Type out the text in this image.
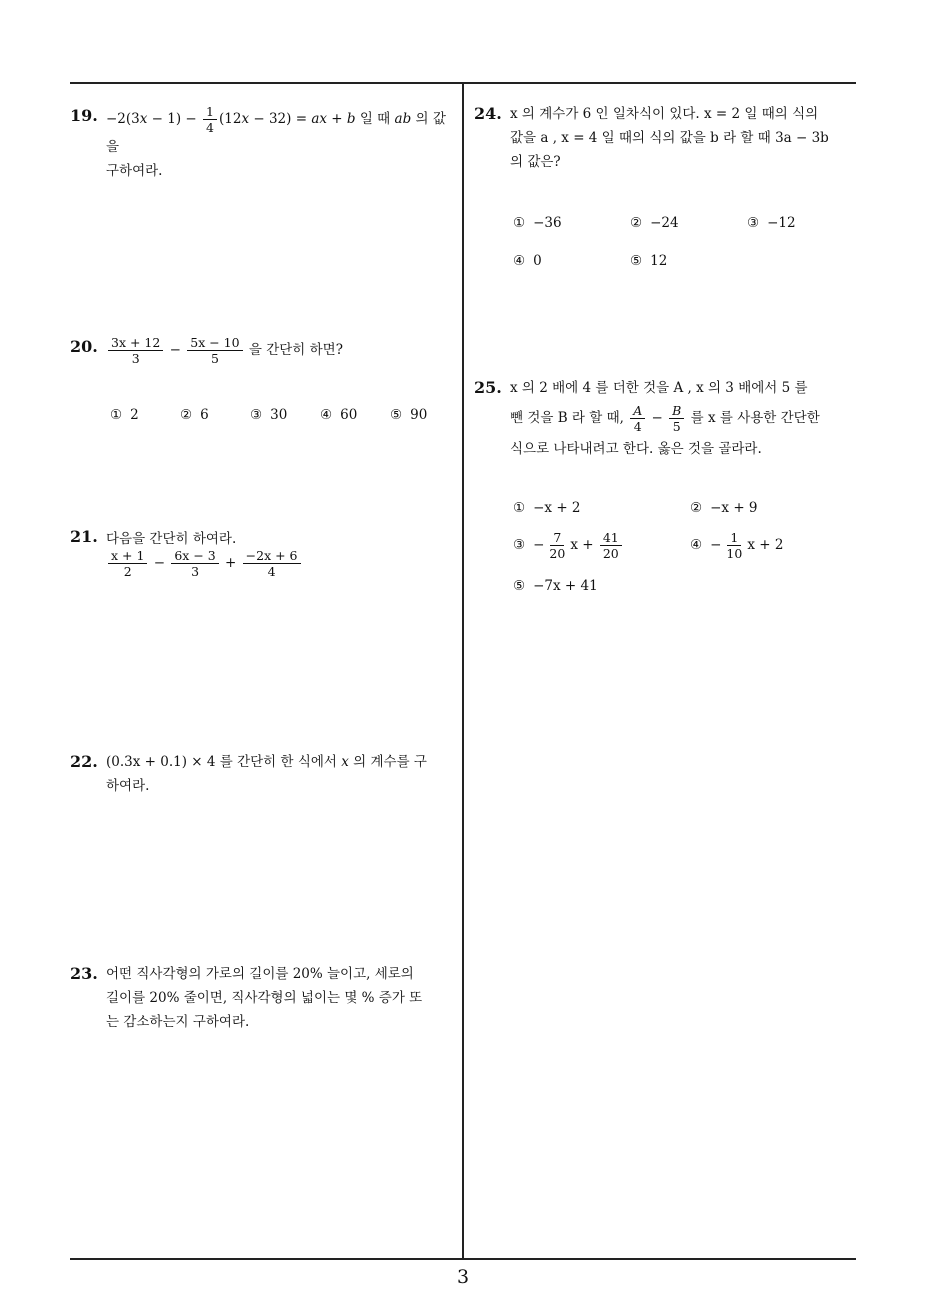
19. $-2(3x - 1) - \frac{1}{4} (12x - 32)$ = ax + b 일 때 ab 의 값을
구하여라.
20. $\frac{3x + 12}{3} - \frac{5x - 10}{5}$ 을 간단히 하면?
① 2	② 6	③ 30 ④ 60 ⑤ 90
21. 다음을 간단히 하여라.

$\frac{x + 1}{2} - \frac{6x - 3}{3} + \frac{-2x + 6}{4}$
22. (0.3x + 0.1) × 4 를 간단히 한 식에서 x 의 계수를 구
하여라.
23. 어떤 직사각형의 가로의 길이를 20% 늘이고, 세로의
길이를 20% 줄이면, 직사각형의 넓이는 몇 % 증가 또
는 감소하는지 구하여라.
24. x 의 계수가 6 인 일차식이 있다. x = 2 일 때의 식의
값을 a , x = 4 일 때의 식의 값을 b 라 할 때 3a − 3b
의 값은?
① −36	② −24	③ −12
④ 0	⑤ 12
25. x 의 2 배에 4 를 더한 것을 A , x 의 3 배에서 5 를
뺀 것을 B 라 할 때, $\frac{A}{4} - \frac{B}{5}$ 를 x 를 사용한 간단한
식으로 나타내려고 한다. 옳은 것을 골라라.
① −x + 2	② −x + 9
③ − $\frac{7}{20}$ $x + \frac{41}{20}$	④ − $\frac{1}{10}$ x + 2
⑤ −7x + 41
3
